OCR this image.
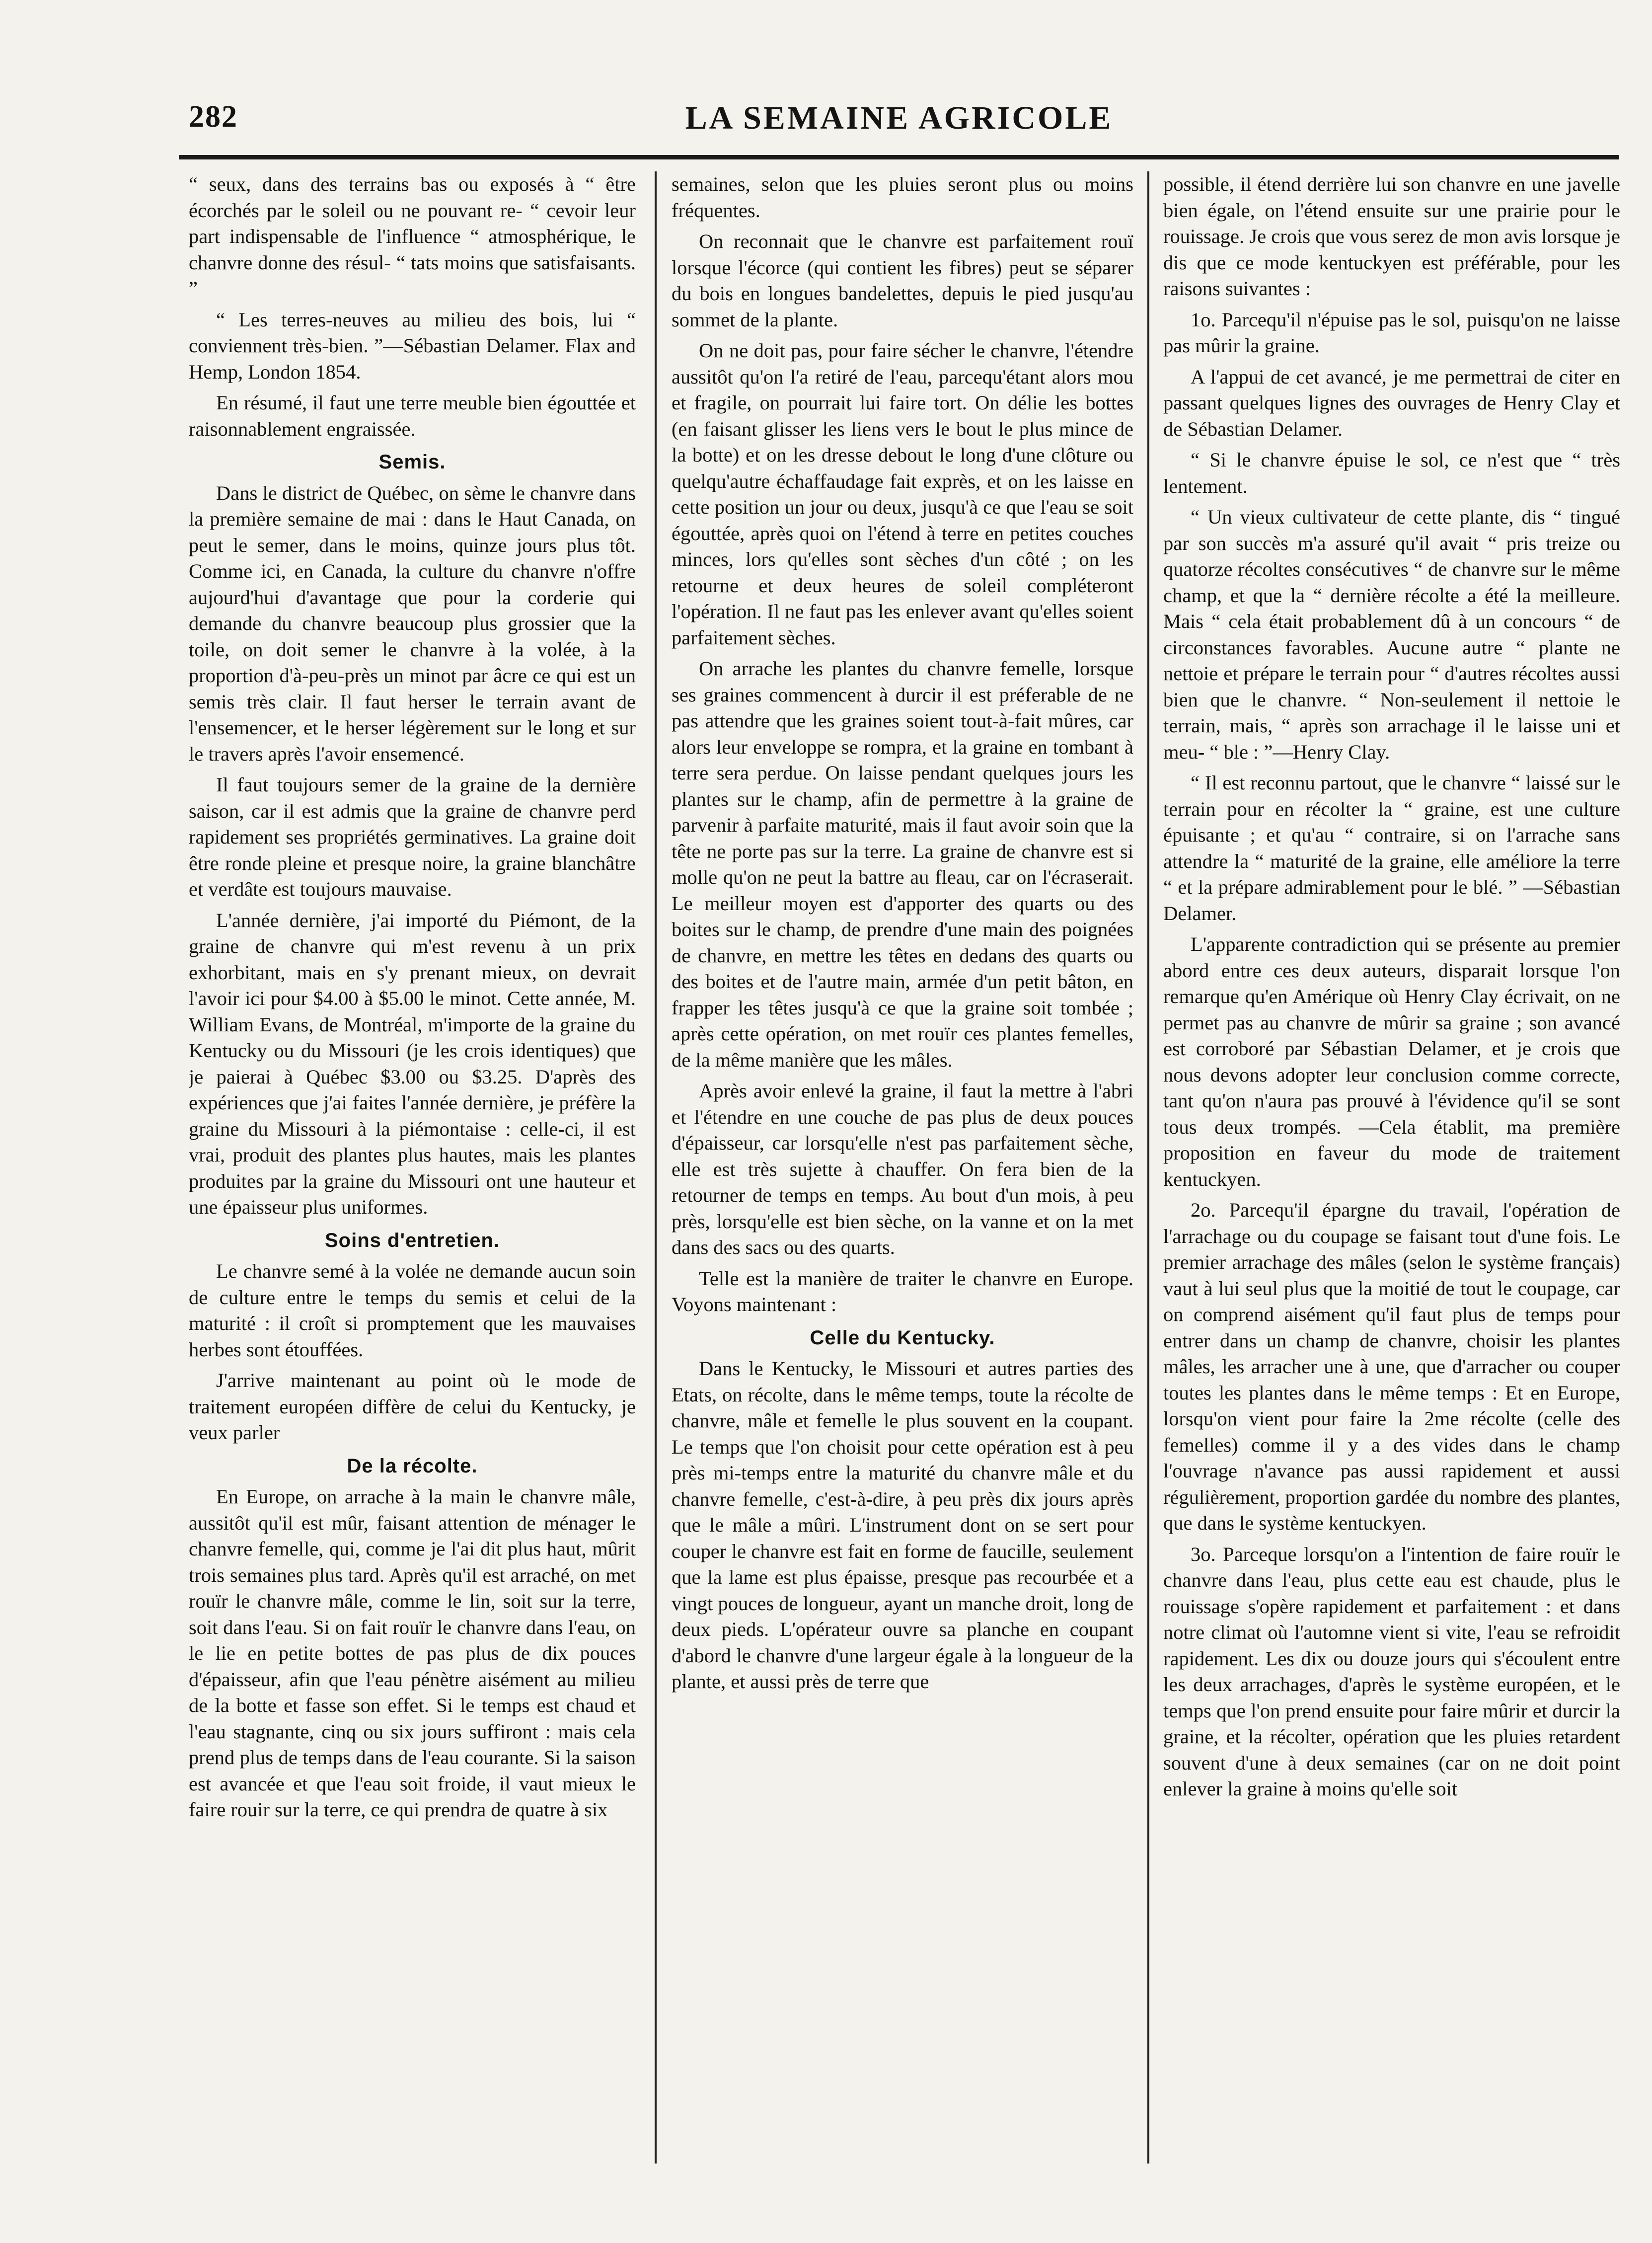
282	LA SEMAINE AGRICOLE

“ seux, dans des terrains bas ou exposés à “ être écorchés par le soleil ou ne pouvant re- “ cevoir leur part indispensable de l'influence “ atmosphérique, le chanvre donne des résul- “ tats moins que satisfaisants. ”

“ Les terres-neuves au milieu des bois, lui “ conviennent très-bien. ”—Sébastian Delamer. Flax and Hemp, London 1854.

En résumé, il faut une terre meuble bien égouttée et raisonnablement engraissée.

Semis.

Dans le district de Québec, on sème le chanvre dans la première semaine de mai : dans le Haut Canada, on peut le semer, dans le moins, quinze jours plus tôt. Comme ici, en Canada, la culture du chanvre n'offre aujourd'hui d'avantage que pour la corderie qui demande du chanvre beaucoup plus grossier que la toile, on doit semer le chanvre à la volée, à la proportion d'à-peu-près un minot par âcre ce qui est un semis très clair. Il faut herser le terrain avant de l'ensemencer, et le herser légèrement sur le long et sur le travers après l'avoir ensemencé.

Il faut toujours semer de la graine de la dernière saison, car il est admis que la graine de chanvre perd rapidement ses propriétés germinatives. La graine doit être ronde pleine et presque noire, la graine blanchâtre et verdâte est toujours mauvaise.

L'année dernière, j'ai importé du Piémont, de la graine de chanvre qui m'est revenu à un prix exhorbitant, mais en s'y prenant mieux, on devrait l'avoir ici pour $4.00 à $5.00 le minot. Cette année, M. William Evans, de Montréal, m'importe de la graine du Kentucky ou du Missouri (je les crois identiques) que je paierai à Québec $3.00 ou $3.25. D'après des expériences que j'ai faites l'année dernière, je préfère la graine du Missouri à la piémontaise : celle-ci, il est vrai, produit des plantes plus hautes, mais les plantes produites par la graine du Missouri ont une hauteur et une épaisseur plus uniformes.

Soins d'entretien.

Le chanvre semé à la volée ne demande aucun soin de culture entre le temps du semis et celui de la maturité : il croît si promptement que les mauvaises herbes sont étouffées.

J'arrive maintenant au point où le mode de traitement européen diffère de celui du Kentucky, je veux parler

De la récolte.

En Europe, on arrache à la main le chanvre mâle, aussitôt qu'il est mûr, faisant attention de ménager le chanvre femelle, qui, comme je l'ai dit plus haut, mûrit trois semaines plus tard. Après qu'il est arraché, on met rouïr le chanvre mâle, comme le lin, soit sur la terre, soit dans l'eau. Si on fait rouïr le chanvre dans l'eau, on le lie en petite bottes de pas plus de dix pouces d'épaisseur, afin que l'eau pénètre aisément au milieu de la botte et fasse son effet. Si le temps est chaud et l'eau stagnante, cinq ou six jours suffiront : mais cela prend plus de temps dans de l'eau courante. Si la saison est avancée et que l'eau soit froide, il vaut mieux le faire rouir sur la terre, ce qui prendra de quatre à six

semaines, selon que les pluies seront plus ou moins fréquentes.

On reconnait que le chanvre est parfaitement rouï lorsque l'écorce (qui contient les fibres) peut se séparer du bois en longues bandelettes, depuis le pied jusqu'au sommet de la plante.

On ne doit pas, pour faire sécher le chanvre, l'étendre aussitôt qu'on l'a retiré de l'eau, parcequ'étant alors mou et fragile, on pourrait lui faire tort. On délie les bottes (en faisant glisser les liens vers le bout le plus mince de la botte) et on les dresse debout le long d'une clôture ou quelqu'autre échaffaudage fait exprès, et on les laisse en cette position un jour ou deux, jusqu'à ce que l'eau se soit égouttée, après quoi on l'étend à terre en petites couches minces, lors qu'elles sont sèches d'un côté ; on les retourne et deux heures de soleil compléteront l'opération. Il ne faut pas les enlever avant qu'elles soient parfaitement sèches.

On arrache les plantes du chanvre femelle, lorsque ses graines commencent à durcir il est préferable de ne pas attendre que les graines soient tout-à-fait mûres, car alors leur enveloppe se rompra, et la graine en tombant à terre sera perdue. On laisse pendant quelques jours les plantes sur le champ, afin de permettre à la graine de parvenir à parfaite maturité, mais il faut avoir soin que la tête ne porte pas sur la terre. La graine de chanvre est si molle qu'on ne peut la battre au fleau, car on l'écraserait. Le meilleur moyen est d'apporter des quarts ou des boites sur le champ, de prendre d'une main des poignées de chanvre, en mettre les têtes en dedans des quarts ou des boites et de l'autre main, armée d'un petit bâton, en frapper les têtes jusqu'à ce que la graine soit tombée ; après cette opération, on met rouïr ces plantes femelles, de la même manière que les mâles.

Après avoir enlevé la graine, il faut la mettre à l'abri et l'étendre en une couche de pas plus de deux pouces d'épaisseur, car lorsqu'elle n'est pas parfaitement sèche, elle est très sujette à chauffer. On fera bien de la retourner de temps en temps. Au bout d'un mois, à peu près, lorsqu'elle est bien sèche, on la vanne et on la met dans des sacs ou des quarts.

Telle est la manière de traiter le chanvre en Europe. Voyons maintenant :

Celle du Kentucky.

Dans le Kentucky, le Missouri et autres parties des Etats, on récolte, dans le même temps, toute la récolte de chanvre, mâle et femelle le plus souvent en la coupant. Le temps que l'on choisit pour cette opération est à peu près mi-temps entre la maturité du chanvre mâle et du chanvre femelle, c'est-à-dire, à peu près dix jours après que le mâle a mûri. L'instrument dont on se sert pour couper le chanvre est fait en forme de faucille, seulement que la lame est plus épaisse, presque pas recourbée et a vingt pouces de longueur, ayant un manche droit, long de deux pieds. L'opérateur ouvre sa planche en coupant d'abord le chanvre d'une largeur égale à la longueur de la plante, et aussi près de terre que

possible, il étend derrière lui son chanvre en une javelle bien égale, on l'étend ensuite sur une prairie pour le rouissage. Je crois que vous serez de mon avis lorsque je dis que ce mode kentuckyen est préférable, pour les raisons suivantes :

1o. Parcequ'il n'épuise pas le sol, puisqu'on ne laisse pas mûrir la graine.

A l'appui de cet avancé, je me permettrai de citer en passant quelques lignes des ouvrages de Henry Clay et de Sébastian Delamer.

“ Si le chanvre épuise le sol, ce n'est que “ très lentement.

“ Un vieux cultivateur de cette plante, dis “ tingué par son succès m'a assuré qu'il avait “ pris treize ou quatorze récoltes consécutives “ de chanvre sur le même champ, et que la “ dernière récolte a été la meilleure. Mais “ cela était probablement dû à un concours “ de circonstances favorables. Aucune autre “ plante ne nettoie et prépare le terrain pour “ d'autres récoltes aussi bien que le chanvre. “ Non-seulement il nettoie le terrain, mais, “ après son arrachage il le laisse uni et meu- “ ble : ”—Henry Clay.

“ Il est reconnu partout, que le chanvre “ laissé sur le terrain pour en récolter la “ graine, est une culture épuisante ; et qu'au “ contraire, si on l'arrache sans attendre la “ maturité de la graine, elle améliore la terre “ et la prépare admirablement pour le blé. ” —Sébastian Delamer.

L'apparente contradiction qui se présente au premier abord entre ces deux auteurs, disparait lorsque l'on remarque qu'en Amérique où Henry Clay écrivait, on ne permet pas au chanvre de mûrir sa graine ; son avancé est corroboré par Sébastian Delamer, et je crois que nous devons adopter leur conclusion comme correcte, tant qu'on n'aura pas prouvé à l'évidence qu'il se sont tous deux trompés. —Cela établit, ma première proposition en faveur du mode de traitement kentuckyen.

2o. Parcequ'il épargne du travail, l'opération de l'arrachage ou du coupage se faisant tout d'une fois. Le premier arrachage des mâles (selon le système français) vaut à lui seul plus que la moitié de tout le coupage, car on comprend aisément qu'il faut plus de temps pour entrer dans un champ de chanvre, choisir les plantes mâles, les arracher une à une, que d'arracher ou couper toutes les plantes dans le même temps : Et en Europe, lorsqu'on vient pour faire la 2me récolte (celle des femelles) comme il y a des vides dans le champ l'ouvrage n'avance pas aussi rapidement et aussi régulièrement, proportion gardée du nombre des plantes, que dans le système kentuckyen.

3o. Parceque lorsqu'on a l'intention de faire rouïr le chanvre dans l'eau, plus cette eau est chaude, plus le rouissage s'opère rapidement et parfaitement : et dans notre climat où l'automne vient si vite, l'eau se refroidit rapidement. Les dix ou douze jours qui s'écoulent entre les deux arrachages, d'après le système européen, et le temps que l'on prend ensuite pour faire mûrir et durcir la graine, et la récolter, opération que les pluies retardent souvent d'une à deux semaines (car on ne doit point enlever la graine à moins qu'elle soit
